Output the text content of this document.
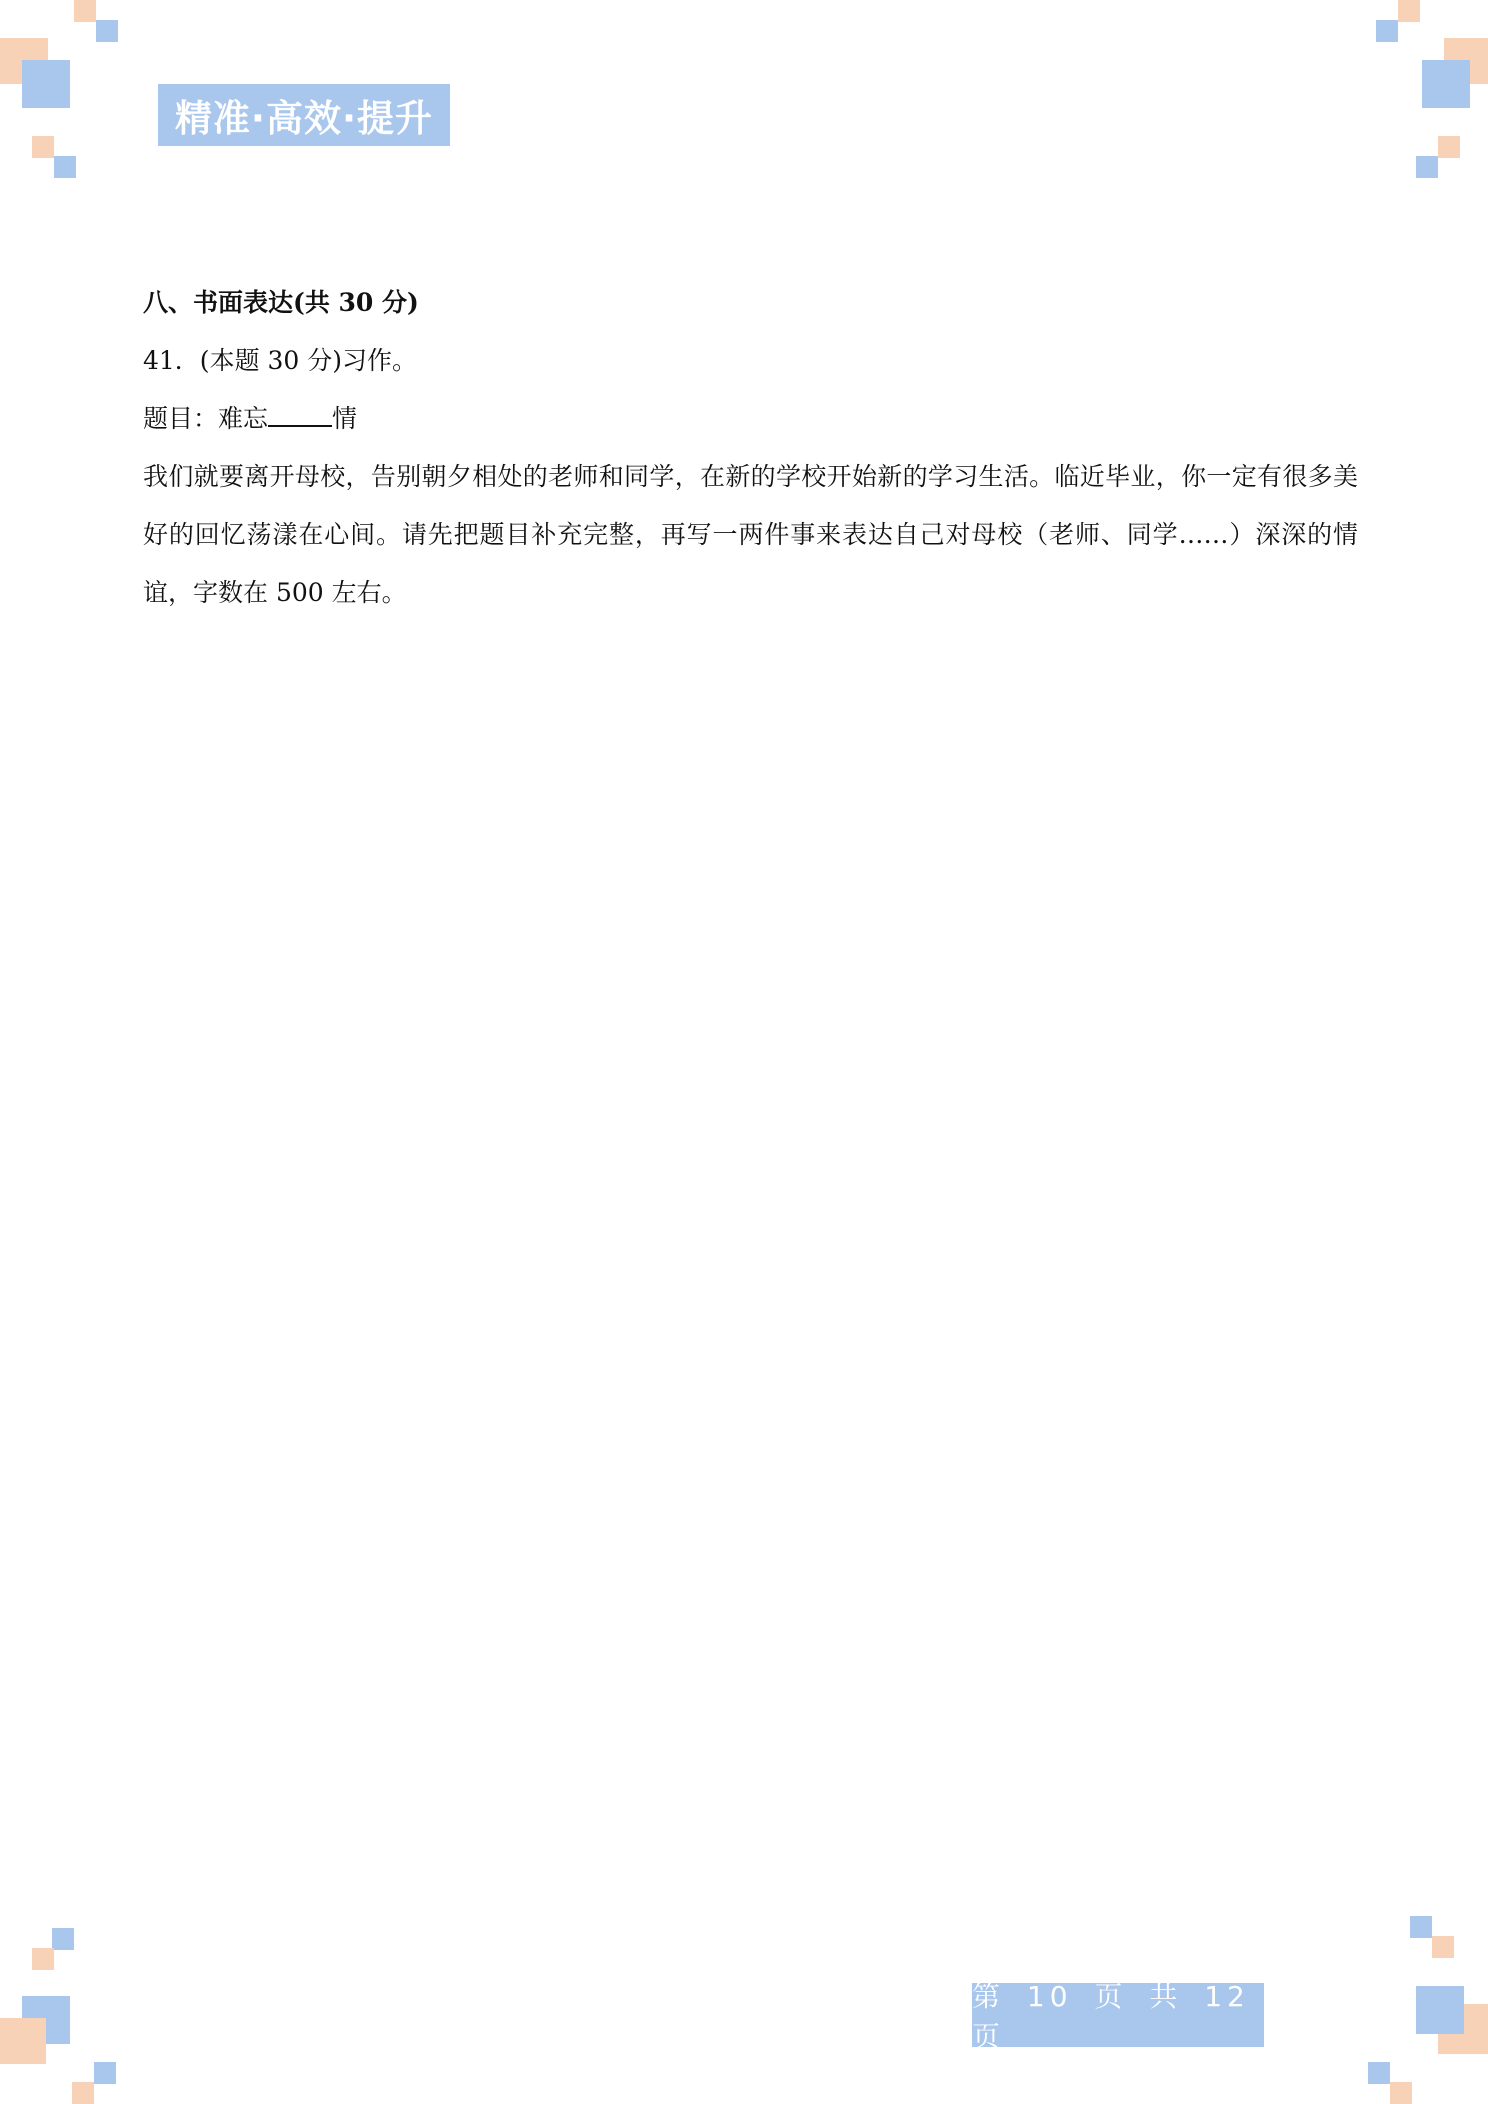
精准·高效·提升
八、书面表达(共 30 分)
41．(本题 30 分)习作。
题目：难忘	情

我们就要离开母校，告别朝夕相处的老师和同学，在新的学校开始新的学习生活。临近毕业，你一定有很多美好的回忆荡漾在心间。请先把题目补充完整，再写一两件事来表达自己对母校（老师、同学……）深深的情谊，字数在 500 左右。

第 10 页 共 12 页
